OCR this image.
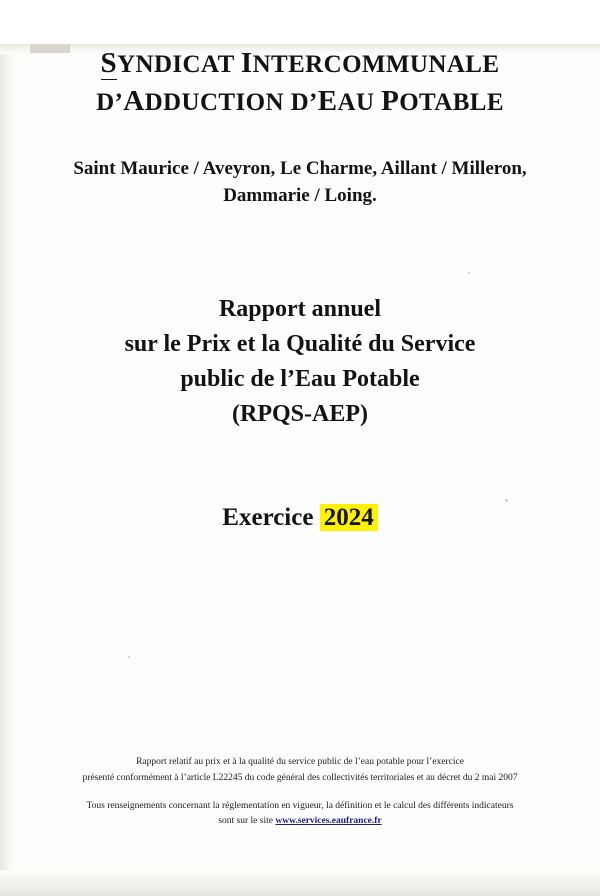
SYNDICAT INTERCOMMUNALE
D’ADDUCTION D’EAU POTABLE
Saint Maurice / Aveyron, Le Charme, Aillant / Milleron,
Dammarie / Loing.
Rapport annuel
sur le Prix et la Qualité du Service
public de l’Eau Potable
(RPQS-AEP)
Exercice 2024
Rapport relatif au prix et à la qualité du service public de l’eau potable pour l’exercice
présenté conformément à l’article L22245 du code général des collectivités territoriales et au décret du 2 mai 2007
Tous renseignements concernant la réglementation en vigueur, la définition et le calcul des différents indicateurs
sont sur le site www.services.eaufrance.fr
